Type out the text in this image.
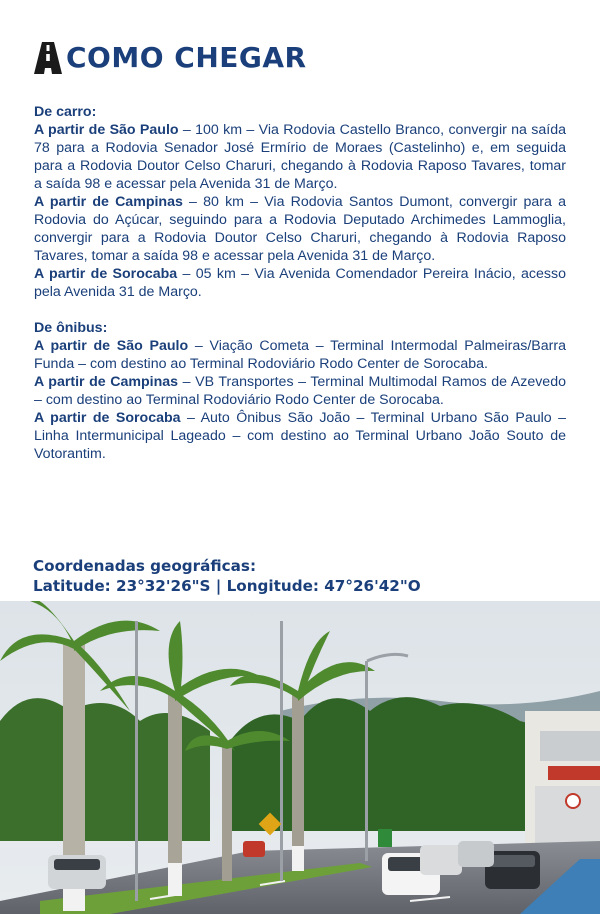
COMO CHEGAR
De carro:

A partir de São Paulo – 100 km – Via Rodovia Castello Branco, convergir na saída 78 para a Rodovia Senador José Ermírio de Moraes (Castelinho) e, em seguida para a Rodovia Doutor Celso Charuri, chegando à Rodovia Raposo Tavares, tomar a saída 98 e acessar pela Avenida 31 de Março.

A partir de Campinas – 80 km – Via Rodovia Santos Dumont, convergir para a Rodovia do Açúcar, seguindo para a Rodovia Deputado Archimedes Lammoglia, convergir para a Rodovia Doutor Celso Charuri, chegando à Rodovia Raposo Tavares, tomar a saída 98 e acessar pela Avenida 31 de Março.

A partir de Sorocaba – 05 km – Via Avenida Comendador Pereira Inácio, acesso pela Avenida 31 de Março.

De ônibus:

A partir de São Paulo – Viação Cometa – Terminal Intermodal Palmeiras/Barra Funda – com destino ao Terminal Rodoviário Rodo Center de Sorocaba.

A partir de Campinas – VB Transportes – Terminal Multimodal Ramos de Azevedo – com destino ao Terminal Rodoviário Rodo Center de Sorocaba.

A partir de Sorocaba – Auto Ônibus São João – Terminal Urbano São Paulo – Linha Intermunicipal Lageado – com destino ao Terminal Urbano João Souto de Votorantim.

Coordenadas geográficas:
Latitude: 23°32'26"S | Longitude: 47°26'42"O
